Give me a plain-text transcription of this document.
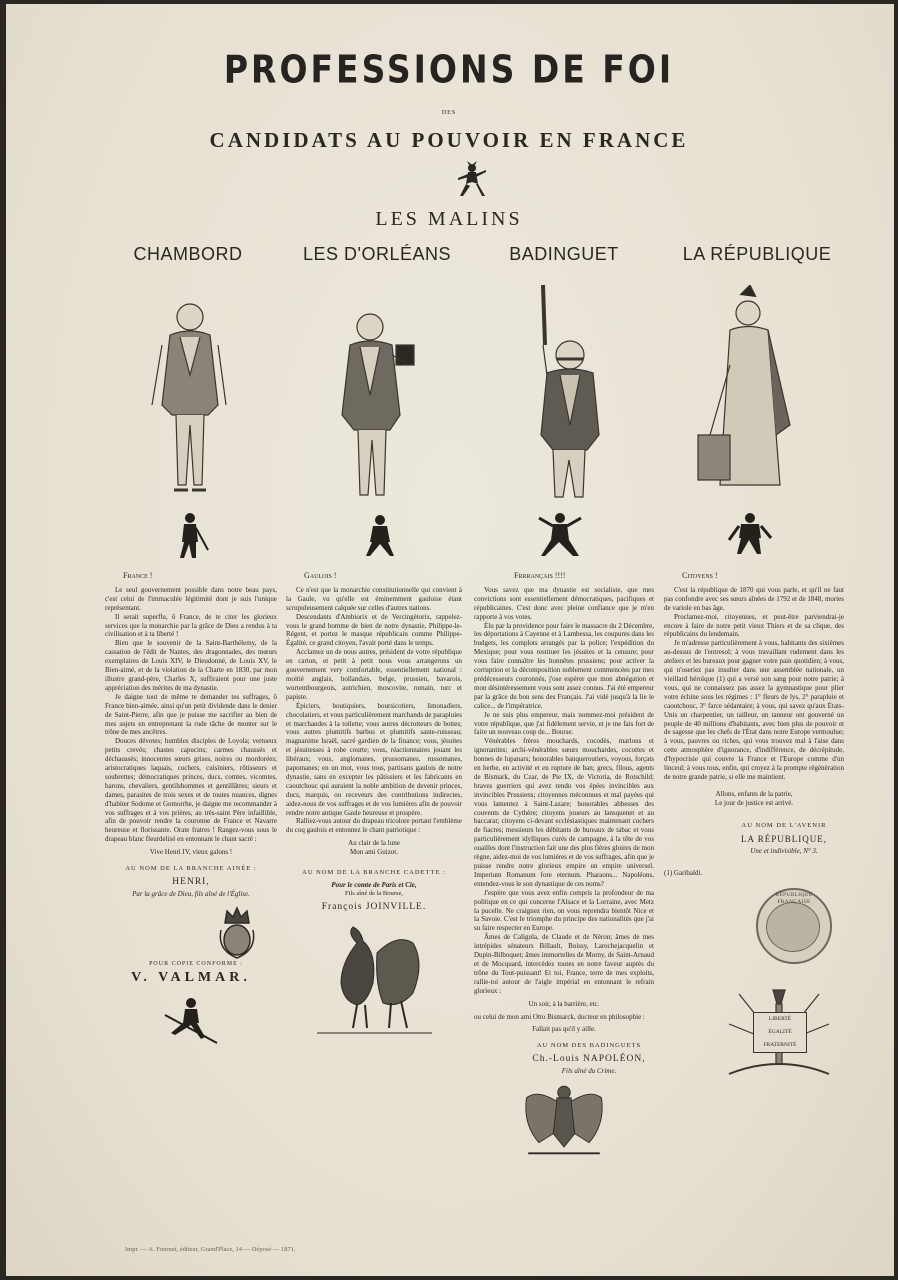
PROFESSIONS DE FOI
DES
CANDIDATS AU POUVOIR EN FRANCE
LES MALINS
CHAMBORD	LES D'ORLÉANS	BADINGUET	LA RÉPUBLIQUE

France !

Le seul gouvernement possible dans notre beau pays, c'est celui de l'immaculée légitimité dont je suis l'unique représentant.

Il serait superflu, ô France, de te citer les glorieux services que la monarchie par la grâce de Dieu a rendus à ta civilisation et à ta liberté !

Bien que le souvenir de la Saint-Barthélemy, de la cassation de l'édit de Nantes, des dragonnades, des mœurs exemplaires de Louis XIV, le Dieudonné, de Louis XV, le Bien-aimé, et de la violation de la Charte en 1830, par mon illustre grand-père, Charles X, suffiraient pour une juste appréciation des mérites de ma dynastie.

Je daigne tout de même te demander tes suffrages, ô France bien-aimée, ainsi qu'un petit dividende dans le denier de Saint-Pierre, afin que je puisse me sacrifier au bien de mes sujets en entreprenant la rude tâche de monter sur le trône de mes ancêtres.

Douces dévotes; humbles disciples de Loyola; vertueux petits crevés; chastes capucins; carmes chaussés et déchaussés; innocentes sœurs grises, noires ou mordorées; aristocratiques laquais, cochers, cuisiniers, rôtisseurs et soubrettes; démocratiques princes, ducs, comtes, vicomtes, barons, chevaliers, gentilshommes et gentillâtres; sieurs et dames, parasites de trois sexes et de toutes nuances, dignes d'habiter Sodome et Gomorrhe, je daigne me recommander à vos suffrages et à vos prières, au très-saint Père infaillible, afin de pouvoir rendre la couronne de France et Navarre heureuse et florissante. Orate fratres ! Rangez-vous sous le drapeau blanc fleurdelisé en entonnant le chant sacré :

Vive Henri IV, vieux galons !

AU NOM DE LA BRANCHE AINÉE :

HENRI,

Par la grâce de Dieu, fils aîné de l'Église.

POUR COPIE CONFORME :

V. VALMAR.

Gaulois !

Ce n'est que la monarchie constitutionnelle qui convient à la Gaule, vu qu'elle est éminemment gauloise étant scrupuleusement calquée sur celles d'autres nations.

Descendants d'Ambiorix et de Vercingétorix, rappelez-vous le grand homme de bien de notre dynastie, Philippe-le-Régent, et portez le masque républicain comme Philippe-Égalité, ce grand citoyen, l'avait porté dans le temps.

Acclamez un de nous autres, président de votre république en carton, et petit à petit nous vous arrangerons un gouvernement very comfortable, essentiellement national : moitié anglais, hollandais, belge, prussien, bavarois, wurtembourgeois, autrichien, moscovite, romain, turc et papiste.

Épiciers, boutiquiers, boursicotiers, limonadiers, chocolatiers, et vous particulièrement marchands de parapluies et marchandes à la toilette; vous autres décrotteurs de bottes; vous autres plumitifs barbus et plumitifs saute-ruisseau; magnanime Israël, sacré gardien de la finance; vous, jésuites et jésuitesses à robe courte; vous, réactionnaires jouant les libéraux; vous, anglomanes, prussomanes, russomanes, papomanes; en un mot, vous tous, partisans gaulois de notre dynastie, sans en excepter les pâtissiers et les fabricants en caoutchouc qui auraient la noble ambition de devenir princes, ducs, marquis, ou receveurs des contributions indirectes, aidez-nous de vos suffrages et de vos lumières afin de pouvoir rendre notre antique Gaule heureuse et prospère.

Ralliez-vous autour du drapeau tricolore portant l'emblème du coq gaulois et entonnez le chant patriotique :

Au clair de la lune

Mon ami Guizot.

AU NOM DE LA BRANCHE CADETTE :

Pour le comte de Paris et Cie,

Fils aîné de la Bourse,

François JOINVILLE.

Frrrançais !!!!

Vous savez que ma dynastie est socialiste, que mes convictions sont essentiellement démocratiques, pacifiques et républicaines. C'est donc avec pleine confiance que je m'en rapporte à vos votes.

Élu par la providence pour faire le massacre du 2 Décembre, les déportations à Cayenne et à Lambessa, les coupures dans les budgets, les complots arrangés par la police; l'expédition du Mexique; pour vous restituer les jésuites et la censure; pour vous faire connaître les honnêtes prussiens; pour activer la corruption et la décomposition noblement commencées par mes prédécesseurs couronnés, j'ose espérer que mon abnégation et mon désintéressement vous sont assez connus. J'ai été empereur par la grâce du bon sens des Français. J'ai vidé jusqu'à la lie le calice... de l'impératrice.

Je ne suis plus empereur, mais nommez-moi président de votre république, que j'ai fidèlement servie, et je me fais fort de faire un nouveau coup de... Bourse.

Vénérables frères mouchards, cocodès, marlous et ignorantins; archi-vénérables sœurs mouchardes, cocottes et bonnes de lupanars; honorables banqueroutiers, voyous, forçats en herbe, en activité et en rupture de ban; grecs, filous, agents de Bismark, du Czar, de Pie IX, de Victoria, de Rotschild; braves guerriers qui avez rendu vos épées invincibles aux invincibles Prussiens; citoyennes méconnues et mal payées qui vous lamentez à Saint-Lazare; honorables abbesses des couvents de Cythère; citoyens joueurs au lansquenet et au baccarat; citoyens ci-devant ecclésiastiques maintenant cochers de fiacres; messieurs les débitants de bureaux de tabac et vous particulièrement idylliques curés de campagne, à la tête de vos ouailles dont l'instruction fait une des plus fières gloires de mon règne, aidez-moi de vos lumières et de vos suffrages, afin que je puisse rendre notre glorieux empire un empire universel. Imperium Romanum fore eternum. Pharaons... Napoléons, entendez-vous le son dynastique de ces noms?

J'espère que vous avez enfin compris la profondeur de ma politique en ce qui concerne l'Alsace et la Lorraine, avec Metz la pucelle. Ne craignez rien, on vous reprendra bientôt Nice et la Savoie. C'est le triomphe du principe des nationalités que j'ai su faire respecter en Europe.

Âmes de Caligula, de Claude et de Néron; âmes de mes intrépides sénateurs Billault, Boissy, Larochejacquelin et Dupin-Bilboquet; âmes immortelles de Morny, de Saint-Arnaud et de Mocquard, intercédez toutes en notre faveur auprès du trône du Tout-puissant! Et toi, France, terre de mes exploits, rallie-toi autour de l'aigle impérial en entonnant le refrain glorieux :

Un soir, à la barrière, etc.

ou celui de mon ami Otto Bismarck, docteur en philosophie :

Fallait pas qu'il y aille.

AU NOM DES BADINGUETS

Ch.-Louis NAPOLÉON,

Fils aîné du Crime.

Citoyens !

C'est la république de 1870 qui vous parle, et qu'il ne faut pas confondre avec ses sœurs aînées de 1792 et de 1848, mortes de variole en bas âge.

Proclamez-moi, citoyennes, et peut-être parviendrai-je encore à faire de notre petit vieux Thiers et de sa clique, des républicains du lendemain.

Je m'adresse particulièrement à vous, habitants des sixièmes au-dessus de l'entresol; à vous travaillant rudement dans les ateliers et les bureaux pour gagner votre pain quotidien; à vous, qui n'oseriez pas insulter dans une assemblée nationale, un vieillard héroïque (1) qui a versé son sang pour notre patrie; à vous, qui ne connaissez pas assez la gymnastique pour plier votre échine sous les régimes : 1° fleurs de lys, 2° parapluie et caoutchouc, 3° farce sédantaire; à vous, qui savez qu'aux États-Unis un charpentier, un tailleur, un tanneur ont gouverné un peuple de 40 millions d'habitants, avec bien plus de pouvoir et de sagesse que les chefs de l'État dans notre Europe vermoulue; à vous, pauvres ou riches, qui vous trouvez mal à l'aise dans cette atmosphère d'ignorance, d'indifférence, de décrépitude, d'hypocrisie qui couvre la France et l'Europe comme d'un linceul; à vous tous, enfin, qui croyez à la prompte régénération de notre grande patrie, si elle me maintient.

Allons, enfants de la patrie,

Le jour de justice est arrivé.

AU NOM DE L'AVENIR

LA RÉPUBLIQUE,

Une et indivisible, N° 3.

(1) Garibaldi.

RÉPUBLIQUE FRANÇAISE
LIBERTÉ
ÉGALITÉ
FRATERNITÉ
Impr. — A. Fournet, éditeur, Grand'Place, 14 — Déposé — 1871.
